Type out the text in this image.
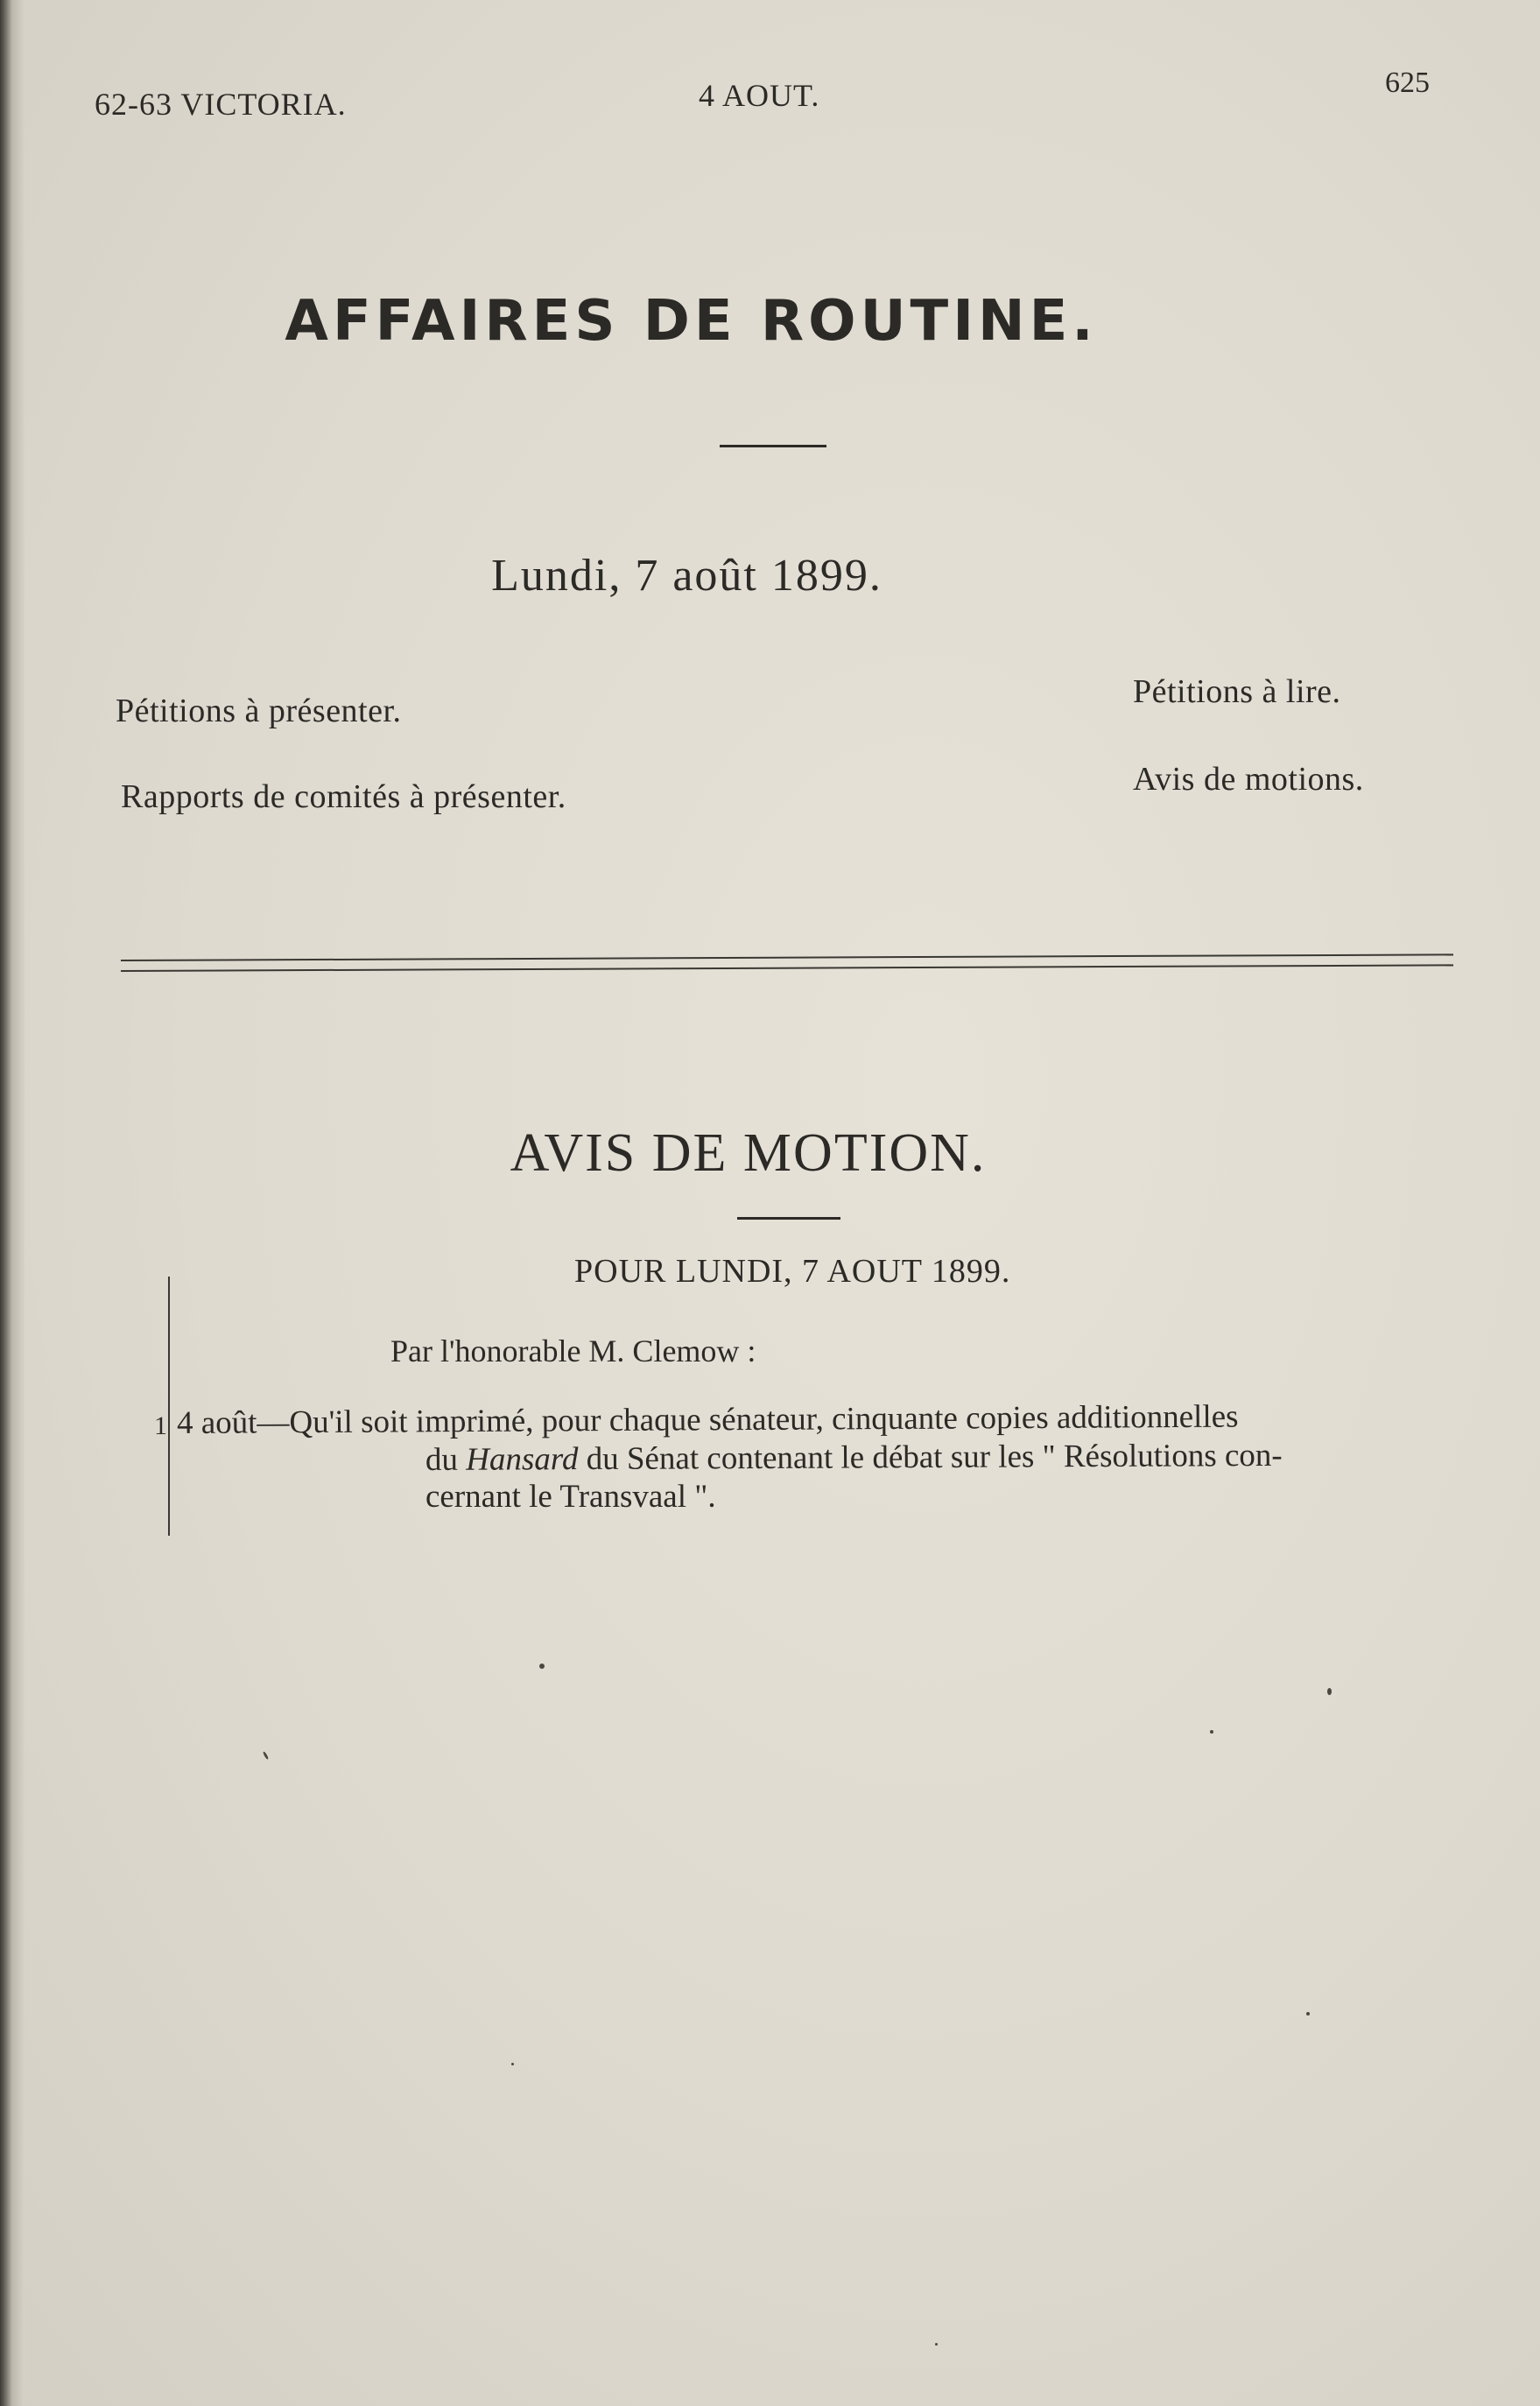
62-63 VICTORIA.	4 AOUT.	625
AFFAIRES DE ROUTINE.
Lundi, 7 août 1899.
Pétitions à présenter.
Rapports de comités à présenter.
Pétitions à lire.
Avis de motions.
AVIS DE MOTION.
POUR LUNDI, 7 AOUT 1899.
Par l'honorable M. Clemow :
1 4 août—Qu'il soit imprimé, pour chaque sénateur, cinquante copies additionnelles
du Hansard du Sénat contenant le débat sur les " Résolutions con-
cernant le Transvaal ".
